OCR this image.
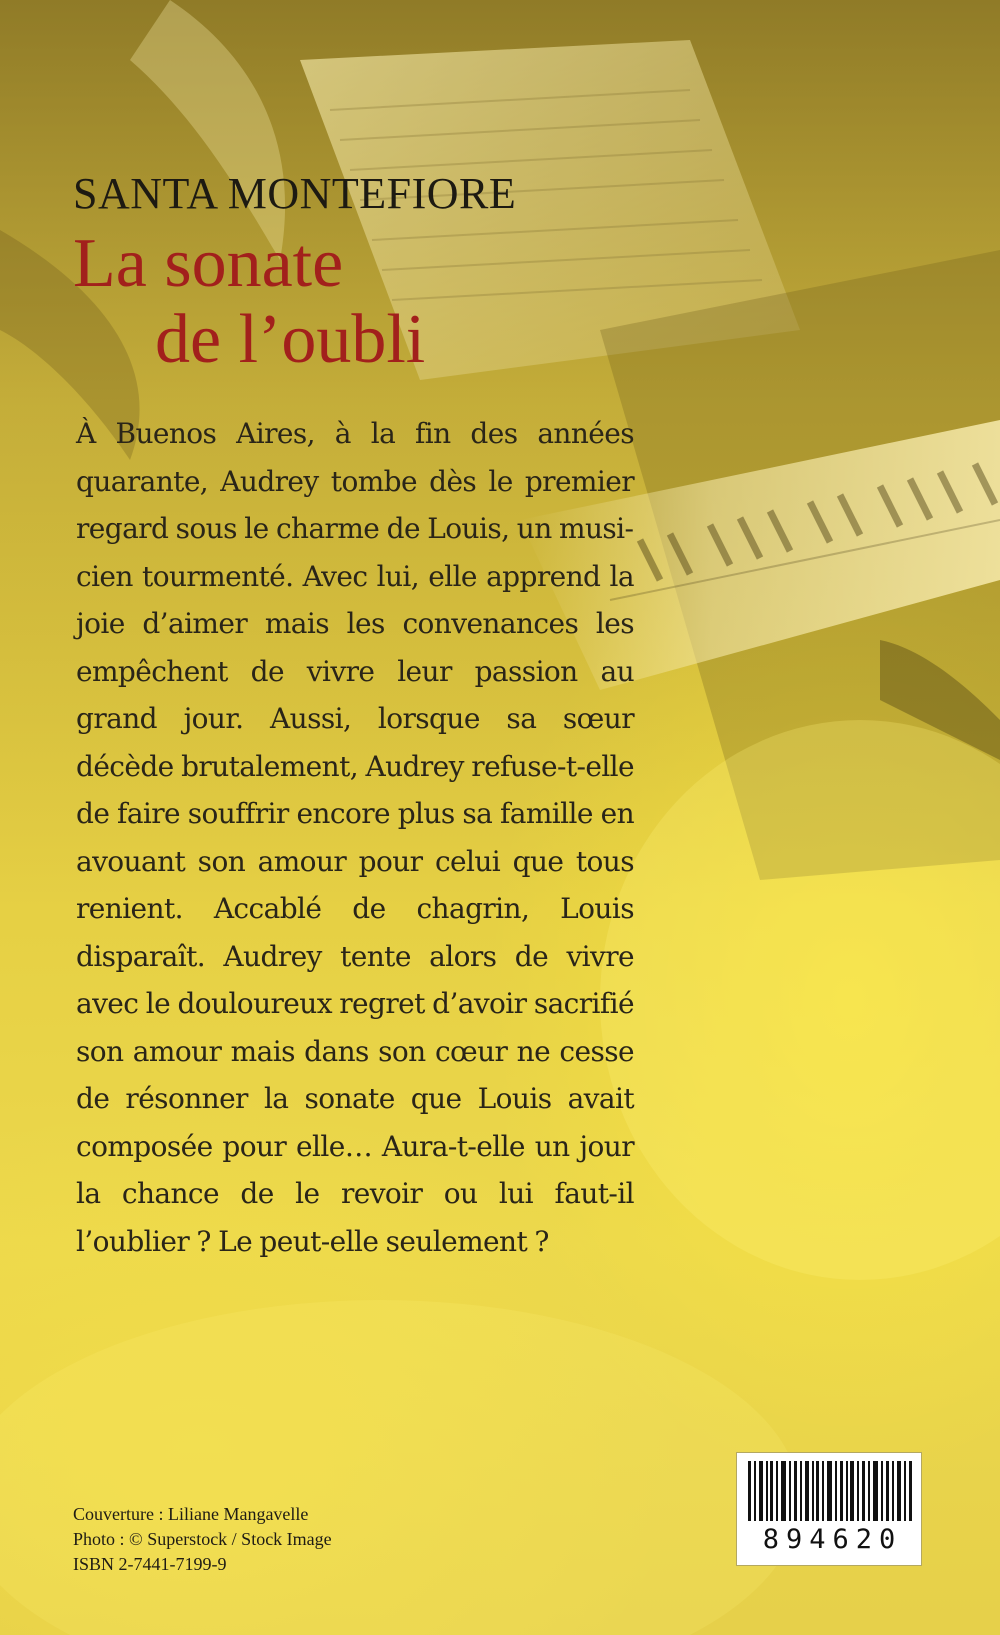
SANTA MONTEFIORE
La sonate
de l’oubli

À Buenos Aires, à la fin des années quarante, Audrey tombe dès le premier regard sous le charme de Louis, un musicien tourmenté. Avec lui, elle apprend la joie d’aimer mais les convenances les empêchent de vivre leur passion au grand jour. Aussi, lorsque sa sœur décède brutalement, Audrey refuse-t-elle de faire souffrir encore plus sa famille en avouant son amour pour celui que tous renient. Accablé de chagrin, Louis disparaît. Audrey tente alors de vivre avec le douloureux regret d’avoir sacrifié son amour mais dans son cœur ne cesse de résonner la sonate que Louis avait composée pour elle… Aura-t-elle un jour la chance de le revoir ou lui faut-il l’oublier ? Le peut-elle seulement ?

Couverture : Liliane Mangavelle
Photo : © Superstock / Stock Image
ISBN 2-7441-7199-9
894620
